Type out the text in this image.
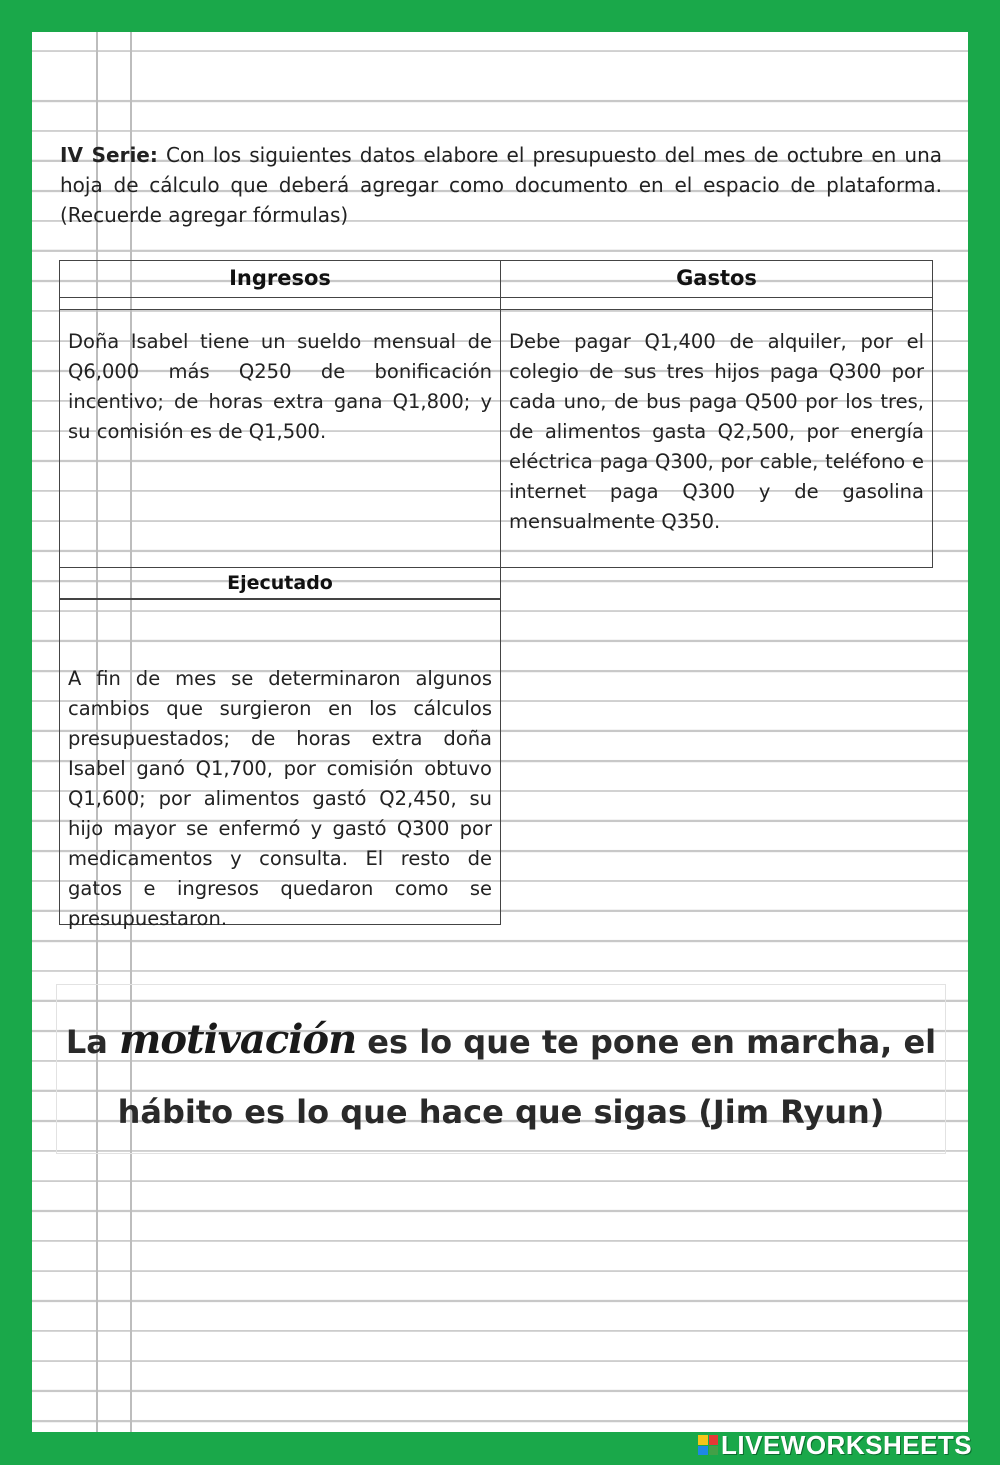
IV Serie: Con los siguientes datos elabore el presupuesto del mes de octubre en una hoja de cálculo que deberá agregar como documento en el espacio de plataforma. (Recuerde agregar fórmulas)

Ingresos
Doña Isabel tiene un sueldo mensual de Q6,000 más Q250 de bonificación incentivo; de horas extra gana Q1,800; y su comisión es de Q1,500.
Gastos
Debe pagar Q1,400 de alquiler, por el colegio de sus tres hijos paga Q300 por cada uno, de bus paga Q500 por los tres, de alimentos gasta Q2,500, por energía eléctrica paga Q300, por cable, teléfono e internet paga Q300 y de gasolina mensualmente Q350.
Ejecutado
A fin de mes se determinaron algunos cambios que surgieron en los cálculos presupuestados; de horas extra doña Isabel ganó Q1,700, por comisión obtuvo Q1,600; por alimentos gastó Q2,450, su hijo mayor se enfermó y gastó Q300 por medicamentos y consulta. El resto de gatos e ingresos quedaron como se presupuestaron.
La motivación es lo que te pone en marcha, el
hábito es lo que hace que sigas (Jim Ryun)
LIVEWORKSHEETS
